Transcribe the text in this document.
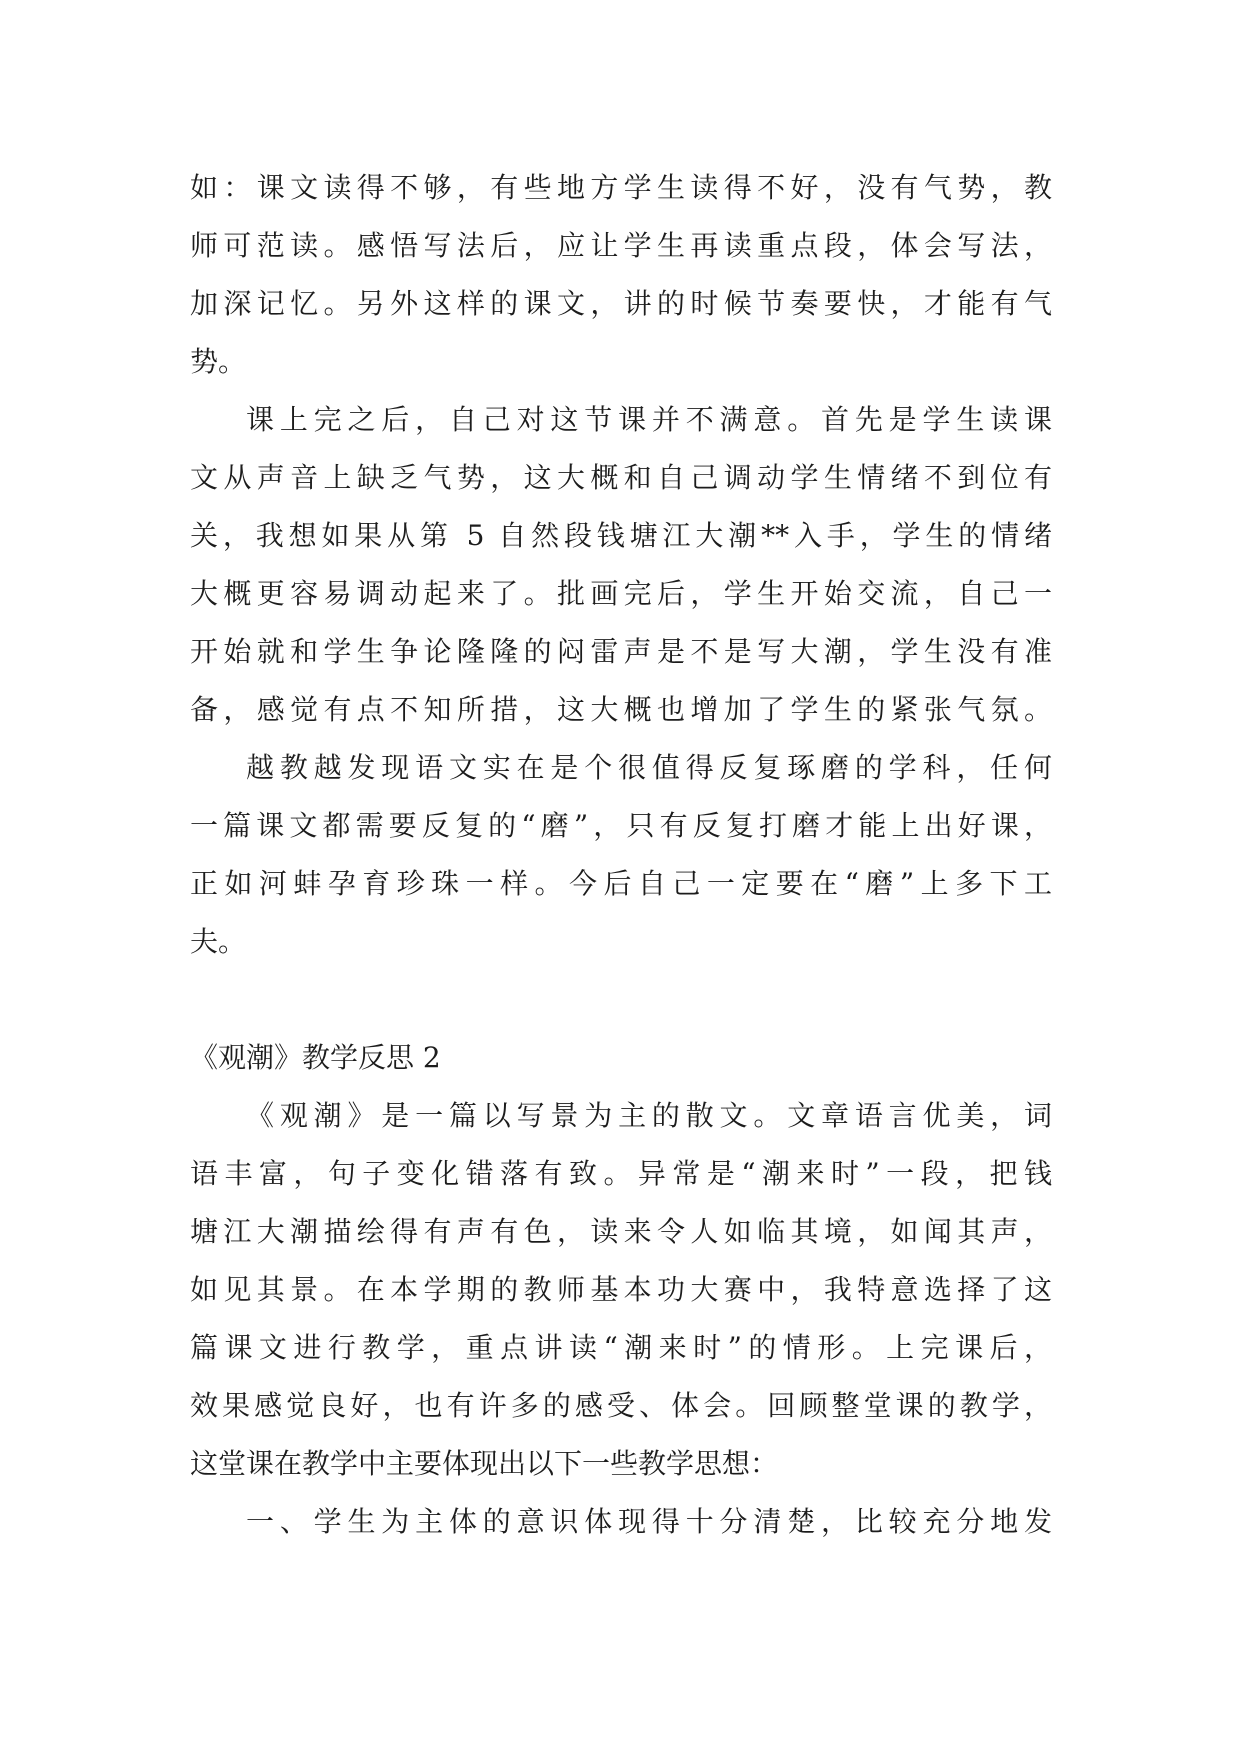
如：课文读得不够，有些地方学生读得不好，没有气势，教
师可范读。感悟写法后，应让学生再读重点段，体会写法，
加深记忆。另外这样的课文，讲的时候节奏要快，才能有气
势。
课上完之后，自己对这节课并不满意。首先是学生读课
文从声音上缺乏气势，这大概和自己调动学生情绪不到位有
关，我想如果从第 5 自然段钱塘江大潮**入手，学生的情绪
大概更容易调动起来了。批画完后，学生开始交流，自己一
开始就和学生争论隆隆的闷雷声是不是写大潮，学生没有准
备，感觉有点不知所措，这大概也增加了学生的紧张气氛。
越教越发现语文实在是个很值得反复琢磨的学科，任何
一篇课文都需要反复的“磨”，只有反复打磨才能上出好课，
正如河蚌孕育珍珠一样。今后自己一定要在“磨”上多下工
夫。
《观潮》教学反思 2
《观潮》是一篇以写景为主的散文。文章语言优美，词
语丰富，句子变化错落有致。异常是“潮来时”一段，把钱
塘江大潮描绘得有声有色，读来令人如临其境，如闻其声，
如见其景。在本学期的教师基本功大赛中，我特意选择了这
篇课文进行教学，重点讲读“潮来时”的情形。上完课后，
效果感觉良好，也有许多的感受、体会。回顾整堂课的教学，
这堂课在教学中主要体现出以下一些教学思想：
一、学生为主体的意识体现得十分清楚，比较充分地发
